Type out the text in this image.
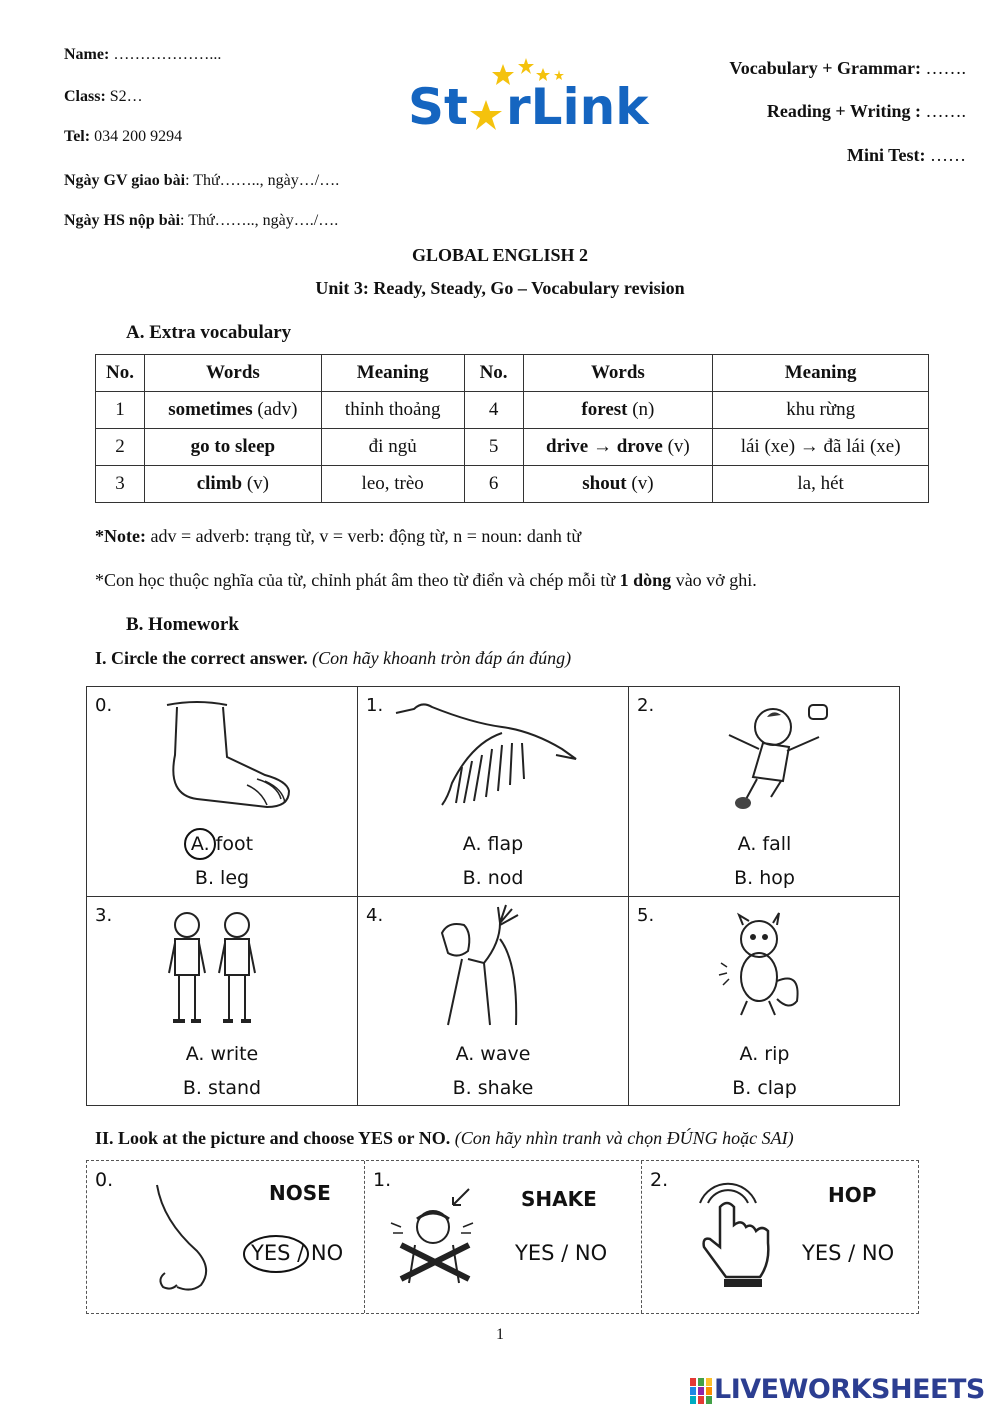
Name: ………………...
Class: S2…
Tel: 034 200 9294
Ngày GV giao bài: Thứ…….., ngày…/….
Ngày HS nộp bài: Thứ…….., ngày…./….
St rLink
Vocabulary + Grammar: …….
Reading + Writing : …….
Mini Test: ……
GLOBAL ENGLISH 2
Unit 3: Ready, Steady, Go – Vocabulary revision
A. Extra vocabulary
No.	Words	Meaning	No.	Words	Meaning
1	sometimes (adv)	thỉnh thoảng	4	forest (n)	khu rừng
2	go to sleep	đi ngủ	5	drive → drove (v)	lái (xe) → đã lái (xe)
3	climb (v)	leo, trèo	6	shout (v)	la, hét
*Note: adv = adverb: trạng từ, v = verb: động từ, n = noun: danh từ
*Con học thuộc nghĩa của từ, chỉnh phát âm theo từ điển và chép mỗi từ 1 dòng vào vở ghi.
B. Homework
I. Circle the correct answer. (Con hãy khoanh tròn đáp án đúng)
0.
A. foot
B. leg
1.
A. flap
B. nod
2.
A. fall
B. hop
3.
A. write
B. stand
4.
A. wave
B. shake
5.
A. rip
B. clap
II. Look at the picture and choose YES or NO. (Con hãy nhìn tranh và chọn ĐÚNG hoặc SAI)
0.
NOSE
YES / NO
1.
SHAKE
YES / NO
2.
HOP
YES / NO
1
LIVEWORKSHEETS
